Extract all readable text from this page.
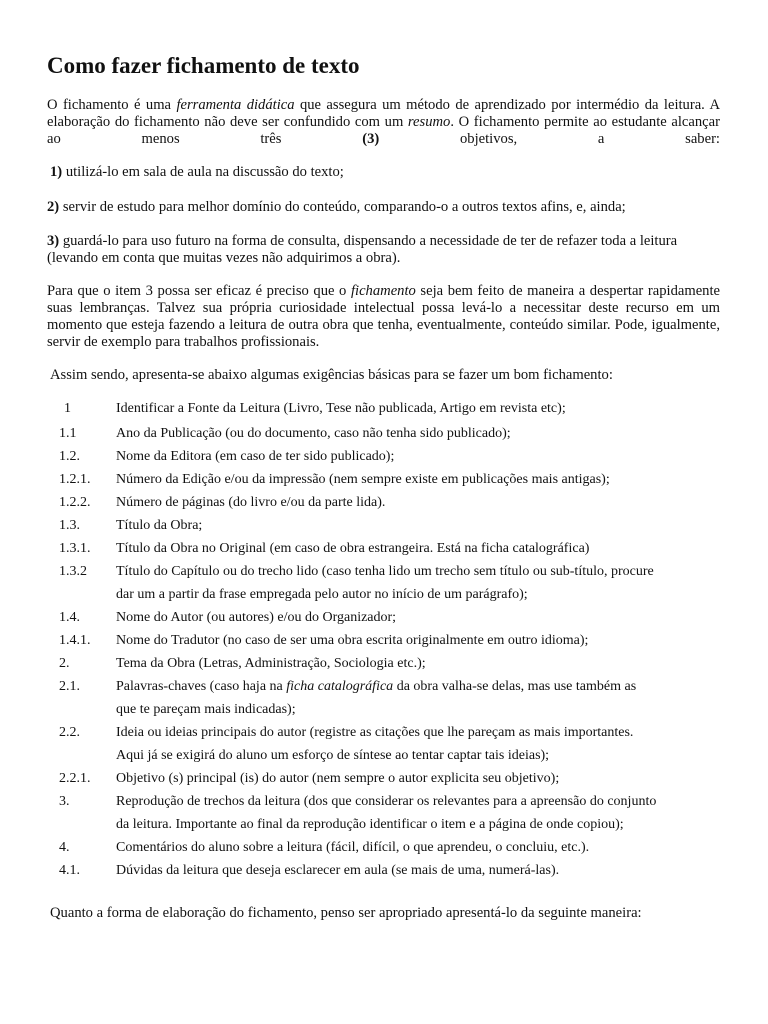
Como fazer fichamento de texto

O fichamento é uma ferramenta didática que assegura um método de aprendizado por intermédio da leitura. A elaboração do fichamento não deve ser confundido com um resumo. O fichamento permite ao estudante alcançar ao menos três (3) objetivos, a saber:

1) utilizá-lo em sala de aula na discussão do texto;

2) servir de estudo para melhor domínio do conteúdo, comparando-o a outros textos afins, e, ainda;

3) guardá-lo para uso futuro na forma de consulta, dispensando a necessidade de ter de refazer toda a leitura (levando em conta que muitas vezes não adquirimos a obra).

Para que o item 3 possa ser eficaz é preciso que o fichamento seja bem feito de maneira a despertar rapidamente suas lembranças. Talvez sua própria curiosidade intelectual possa levá-lo a necessitar deste recurso em um momento que esteja fazendo a leitura de outra obra que tenha, eventualmente, conteúdo similar. Pode, igualmente, servir de exemplo para trabalhos profissionais.

Assim sendo, apresenta-se abaixo algumas exigências básicas para se fazer um bom fichamento:

1	Identificar a Fonte da Leitura (Livro, Tese não publicada, Artigo em revista etc);
1.1	Ano da Publicação (ou do documento, caso não tenha sido publicado);
1.2.	Nome da Editora (em caso de ter sido publicado);
1.2.1. Número da Edição e/ou da impressão (nem sempre existe em publicações mais antigas);
1.2.2. Número de páginas (do livro e/ou da parte lida).
1.3.	Título da Obra;
1.3.1. Título da Obra no Original (em caso de obra estrangeira. Está na ficha catalográfica)
1.3.2 Título do Capítulo ou do trecho lido (caso tenha lido um trecho sem título ou sub-título, procure
dar um a partir da frase empregada pelo autor no início de um parágrafo);
1.4.	Nome do Autor (ou autores) e/ou do Organizador;
1.4.1. Nome do Tradutor (no caso de ser uma obra escrita originalmente em outro idioma);
2.	Tema da Obra (Letras, Administração, Sociologia etc.);
2.1.	Palavras-chaves (caso haja na ficha catalográfica da obra valha-se delas, mas use também as
que te pareçam mais indicadas);
2.2.	Ideia ou ideias principais do autor (registre as citações que lhe pareçam as mais importantes.
Aqui já se exigirá do aluno um esforço de síntese ao tentar captar tais ideias);
2.2.1. Objetivo (s) principal (is) do autor (nem sempre o autor explicita seu objetivo);
3.	Reprodução de trechos da leitura (dos que considerar os relevantes para a apreensão do conjunto
da leitura. Importante ao final da reprodução identificar o item e a página de onde copiou);
4.	Comentários do aluno sobre a leitura (fácil, difícil, o que aprendeu, o concluiu, etc.).
4.1.	Dúvidas da leitura que deseja esclarecer em aula (se mais de uma, numerá-las).

Quanto a forma de elaboração do fichamento, penso ser apropriado apresentá-lo da seguinte maneira:
